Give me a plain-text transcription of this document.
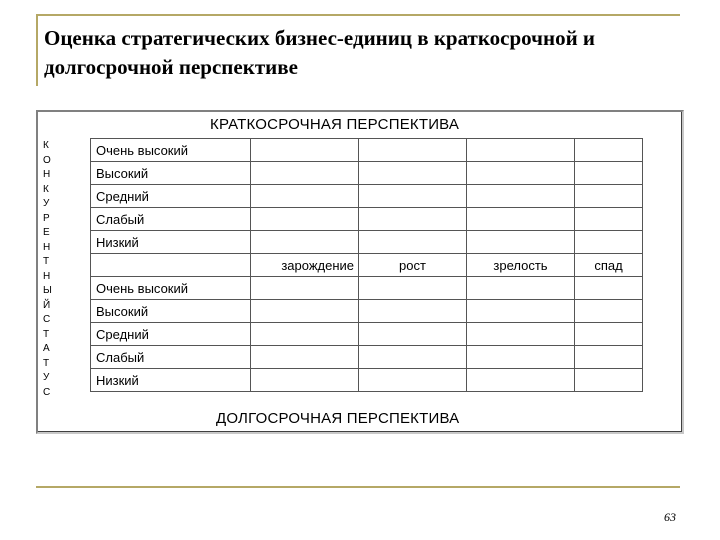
Оценка стратегических бизнес-единиц в краткосрочной и долгосрочной перспективе
КРАТКОСРОЧНАЯ ПЕРСПЕКТИВА
К
О
Н
К
У
Р
Е
Н
Т
Н
Ы
Й
С
Т
А
Т
У
С
Очень высокий				
Высокий				
Средний				
Слабый				
Низкий				
	зарождение	рост	зрелость	спад
Очень высокий				
Высокий				
Средний				
Слабый				
Низкий				
ДОЛГОСРОЧНАЯ ПЕРСПЕКТИВА
63
